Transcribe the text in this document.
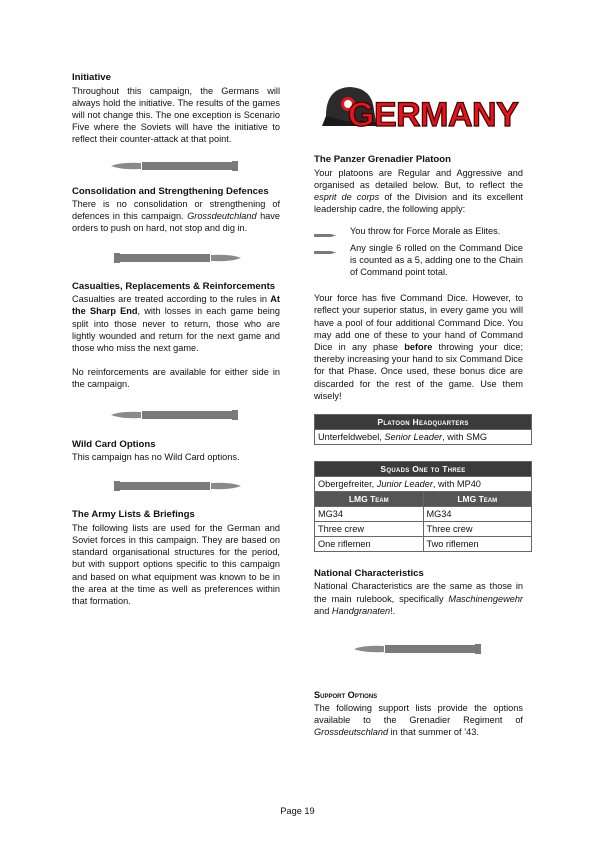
Initiative

Throughout this campaign, the Germans will always hold the initiative. The results of the games will not change this. The one exception is Scenario Five where the Soviets will have the initiative to reflect their counter-attack at that point.

Consolidation and Strengthening Defences

There is no consolidation or strengthening of defences in this campaign. Grossdeutchland have orders to push on hard, not stop and dig in.

Casualties, Replacements & Reinforcements

Casualties are treated according to the rules in At the Sharp End, with losses in each game being split into those never to return, those who are lightly wounded and return for the next game and those who miss the next game.

No reinforcements are available for either side in the campaign.

Wild Card Options

This campaign has no Wild Card options.

The Army Lists & Briefings

The following lists are used for the German and Soviet forces in this campaign. They are based on standard organisational structures for the period, but with support options specific to this campaign and based on what equipment was known to be in the area at the time as well as preferences within that formation.

GERMANY
The Panzer Grenadier Platoon

Your platoons are Regular and Aggressive and organised as detailed below. But, to reflect the esprit de corps of the Division and its excellent leadership cadre, the following apply:

You throw for Force Morale as Elites.
Any single 6 rolled on the Command Dice is counted as a 5, adding one to the Chain of Command point total.

Your force has five Command Dice. However, to reflect your superior status, in every game you will have a pool of four additional Command Dice. You may add one of these to your hand of Command Dice in any phase before throwing your dice; thereby increasing your hand to six Command Dice for that Phase. Once used, these bonus dice are discarded for the rest of the game. Use them wisely!

Platoon Headquarters
Unterfeldwebel, Senior Leader, with SMG
Squads One to Three	
Obergefreiter, Junior Leader, with MP40	
LMG Team	LMG Team
MG34	MG34
Three crew	Three crew
One riflemen	Two riflemen
National Characteristics

National Characteristics are the same as those in the main rulebook, specifically Maschinengewehr and Handgranaten!.

Support Options

The following support lists provide the options available to the Grenadier Regiment of Grossdeutschland in that summer of ’43.

Page 19
